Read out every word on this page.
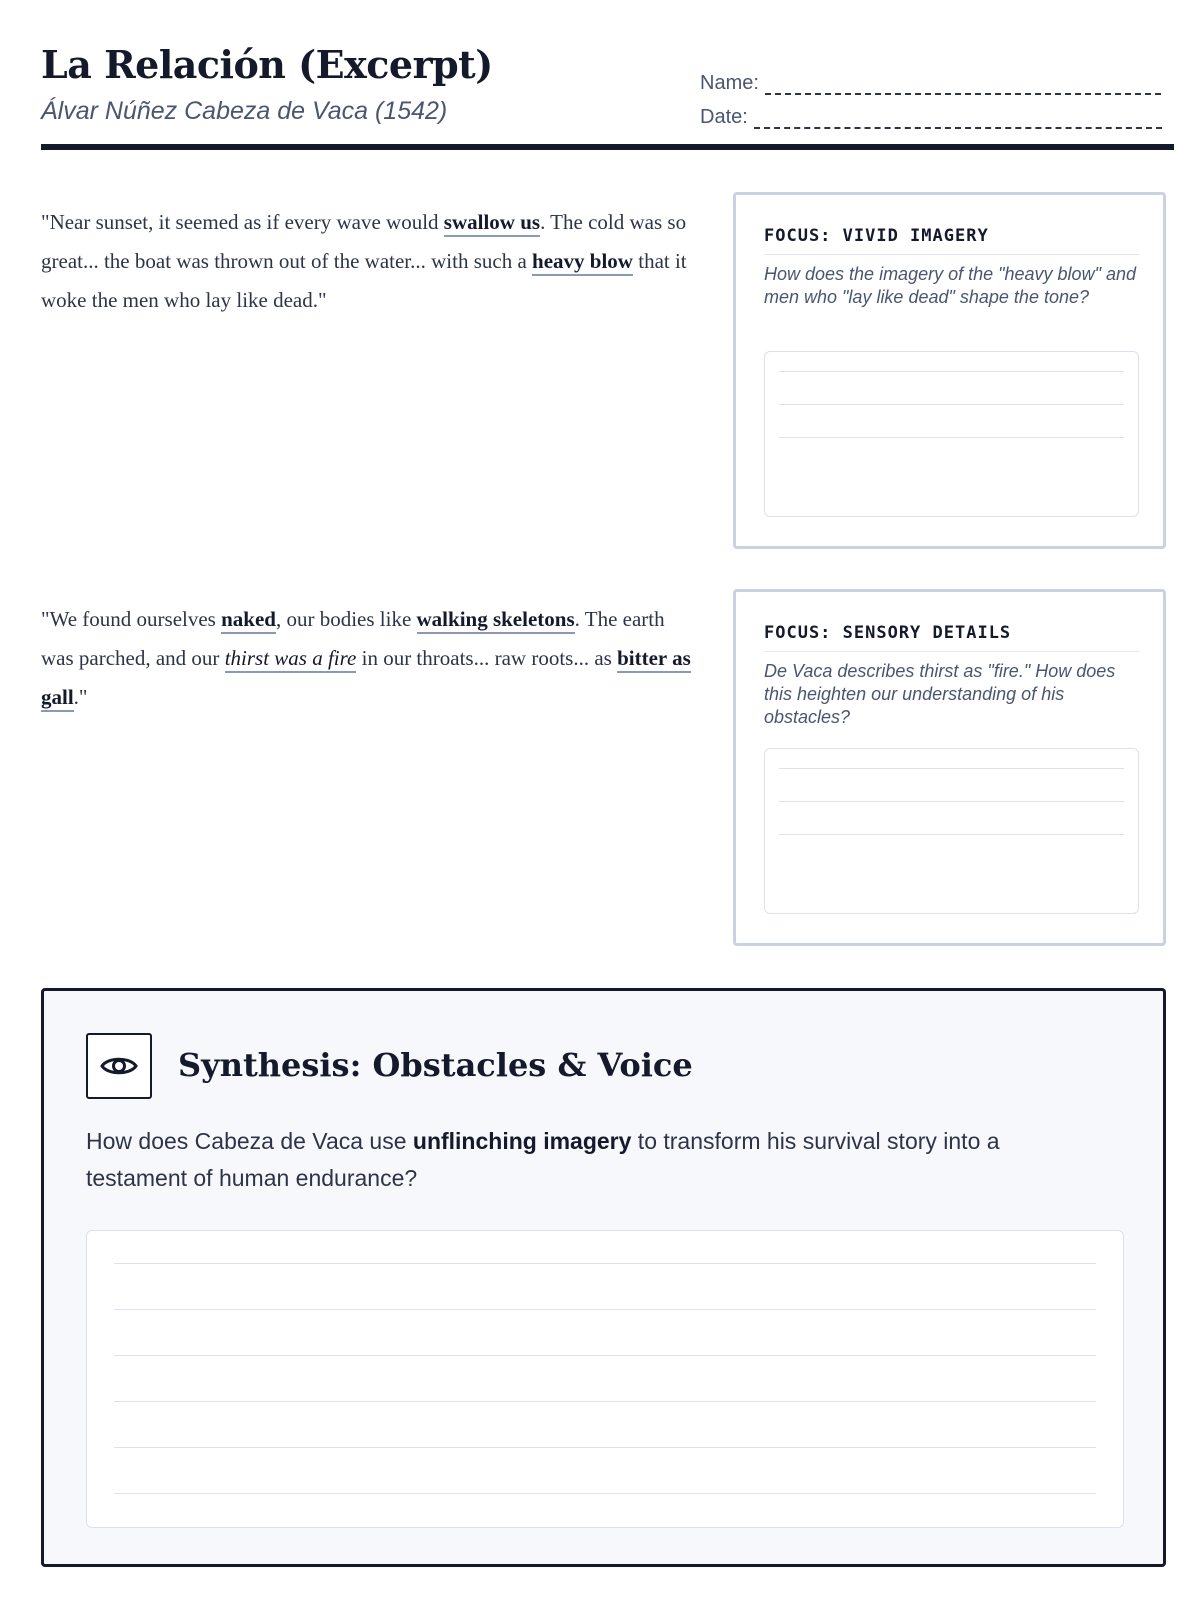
La Relación (Excerpt)
Álvar Núñez Cabeza de Vaca (1542)
Name:
Date:
"Near sunset, it seemed as if every wave would swallow us. The cold was so great... the boat was thrown out of the water... with such a heavy blow that it woke the men who lay like dead."
"We found ourselves naked, our bodies like walking skeletons. The earth was parched, and our thirst was a fire in our throats... raw roots... as bitter as gall."
FOCUS: VIVID IMAGERY
How does the imagery of the "heavy blow" and men who "lay like dead" shape the tone?
FOCUS: SENSORY DETAILS
De Vaca describes thirst as "fire." How does this heighten our understanding of his obstacles?
Synthesis: Obstacles & Voice
How does Cabeza de Vaca use unflinching imagery to transform his survival story into a testament of human endurance?
